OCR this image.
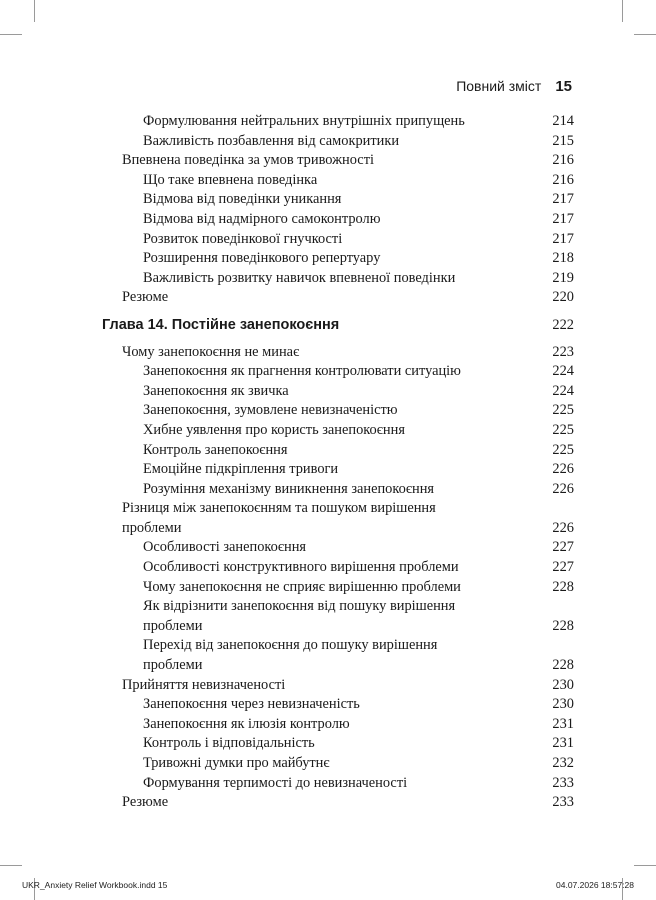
Повний зміст 15
Формулювання нейтральних внутрішніх припущень	214
Важливість позбавлення від самокритики	215
Впевнена поведінка за умов тривожності	216
Що таке впевнена поведінка	216
Відмова від поведінки уникання	217
Відмова від надмірного самоконтролю	217
Розвиток поведінкової гнучкості	217
Розширення поведінкового репертуару	218
Важливість розвитку навичок впевненої поведінки	219
Резюме	220
Глава 14. Постійне занепокоєння	222
Чому занепокоєння не минає	223
Занепокоєння як прагнення контролювати ситуацію	224
Занепокоєння як звичка	224
Занепокоєння, зумовлене невизначеністю	225
Хибне уявлення про користь занепокоєння	225
Контроль занепокоєння	225
Емоційне підкріплення тривоги	226
Розуміння механізму виникнення занепокоєння	226
Різниця між занепокоєнням та пошуком вирішення
проблеми	226
Особливості занепокоєння	227
Особливості конструктивного вирішення проблеми	227
Чому занепокоєння не сприяє вирішенню проблеми	228
Як відрізнити занепокоєння від пошуку вирішення
проблеми	228
Перехід від занепокоєння до пошуку вирішення
проблеми	228
Прийняття невизначеності	230
Занепокоєння через невизначеність	230
Занепокоєння як ілюзія контролю	231
Контроль і відповідальність	231
Тривожні думки про майбутнє	232
Формування терпимості до невизначеності	233
Резюме	233
UKR_Anxiety Relief Workbook.indd 15	04.07.2026 18:57:28
